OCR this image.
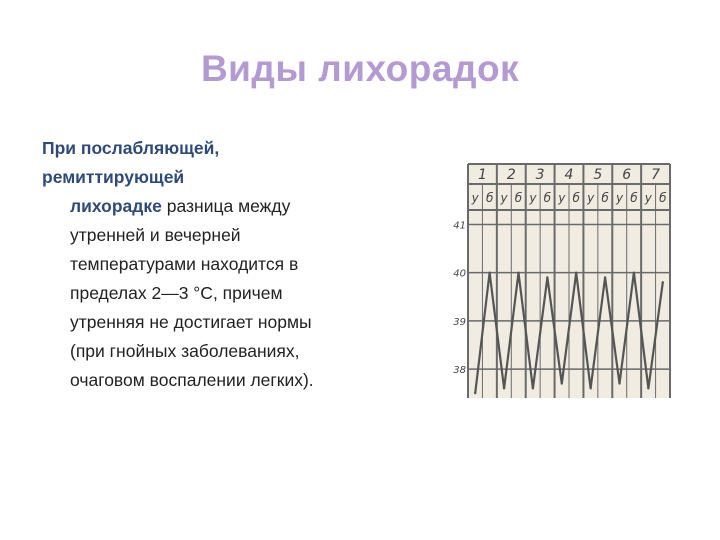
Виды лихорадок
При послабляющей,
ремиттирующей
лихорадке разница между
утренней и вечерней
температурами находится в
пределах 2—3 °С, причем
утренняя не достигает нормы
(при гнойных заболеваниях,
очаговом воспалении легких).
41
40
39
38
1 2 3 4 5 6 7
у б у б у б у б у б у б у б
